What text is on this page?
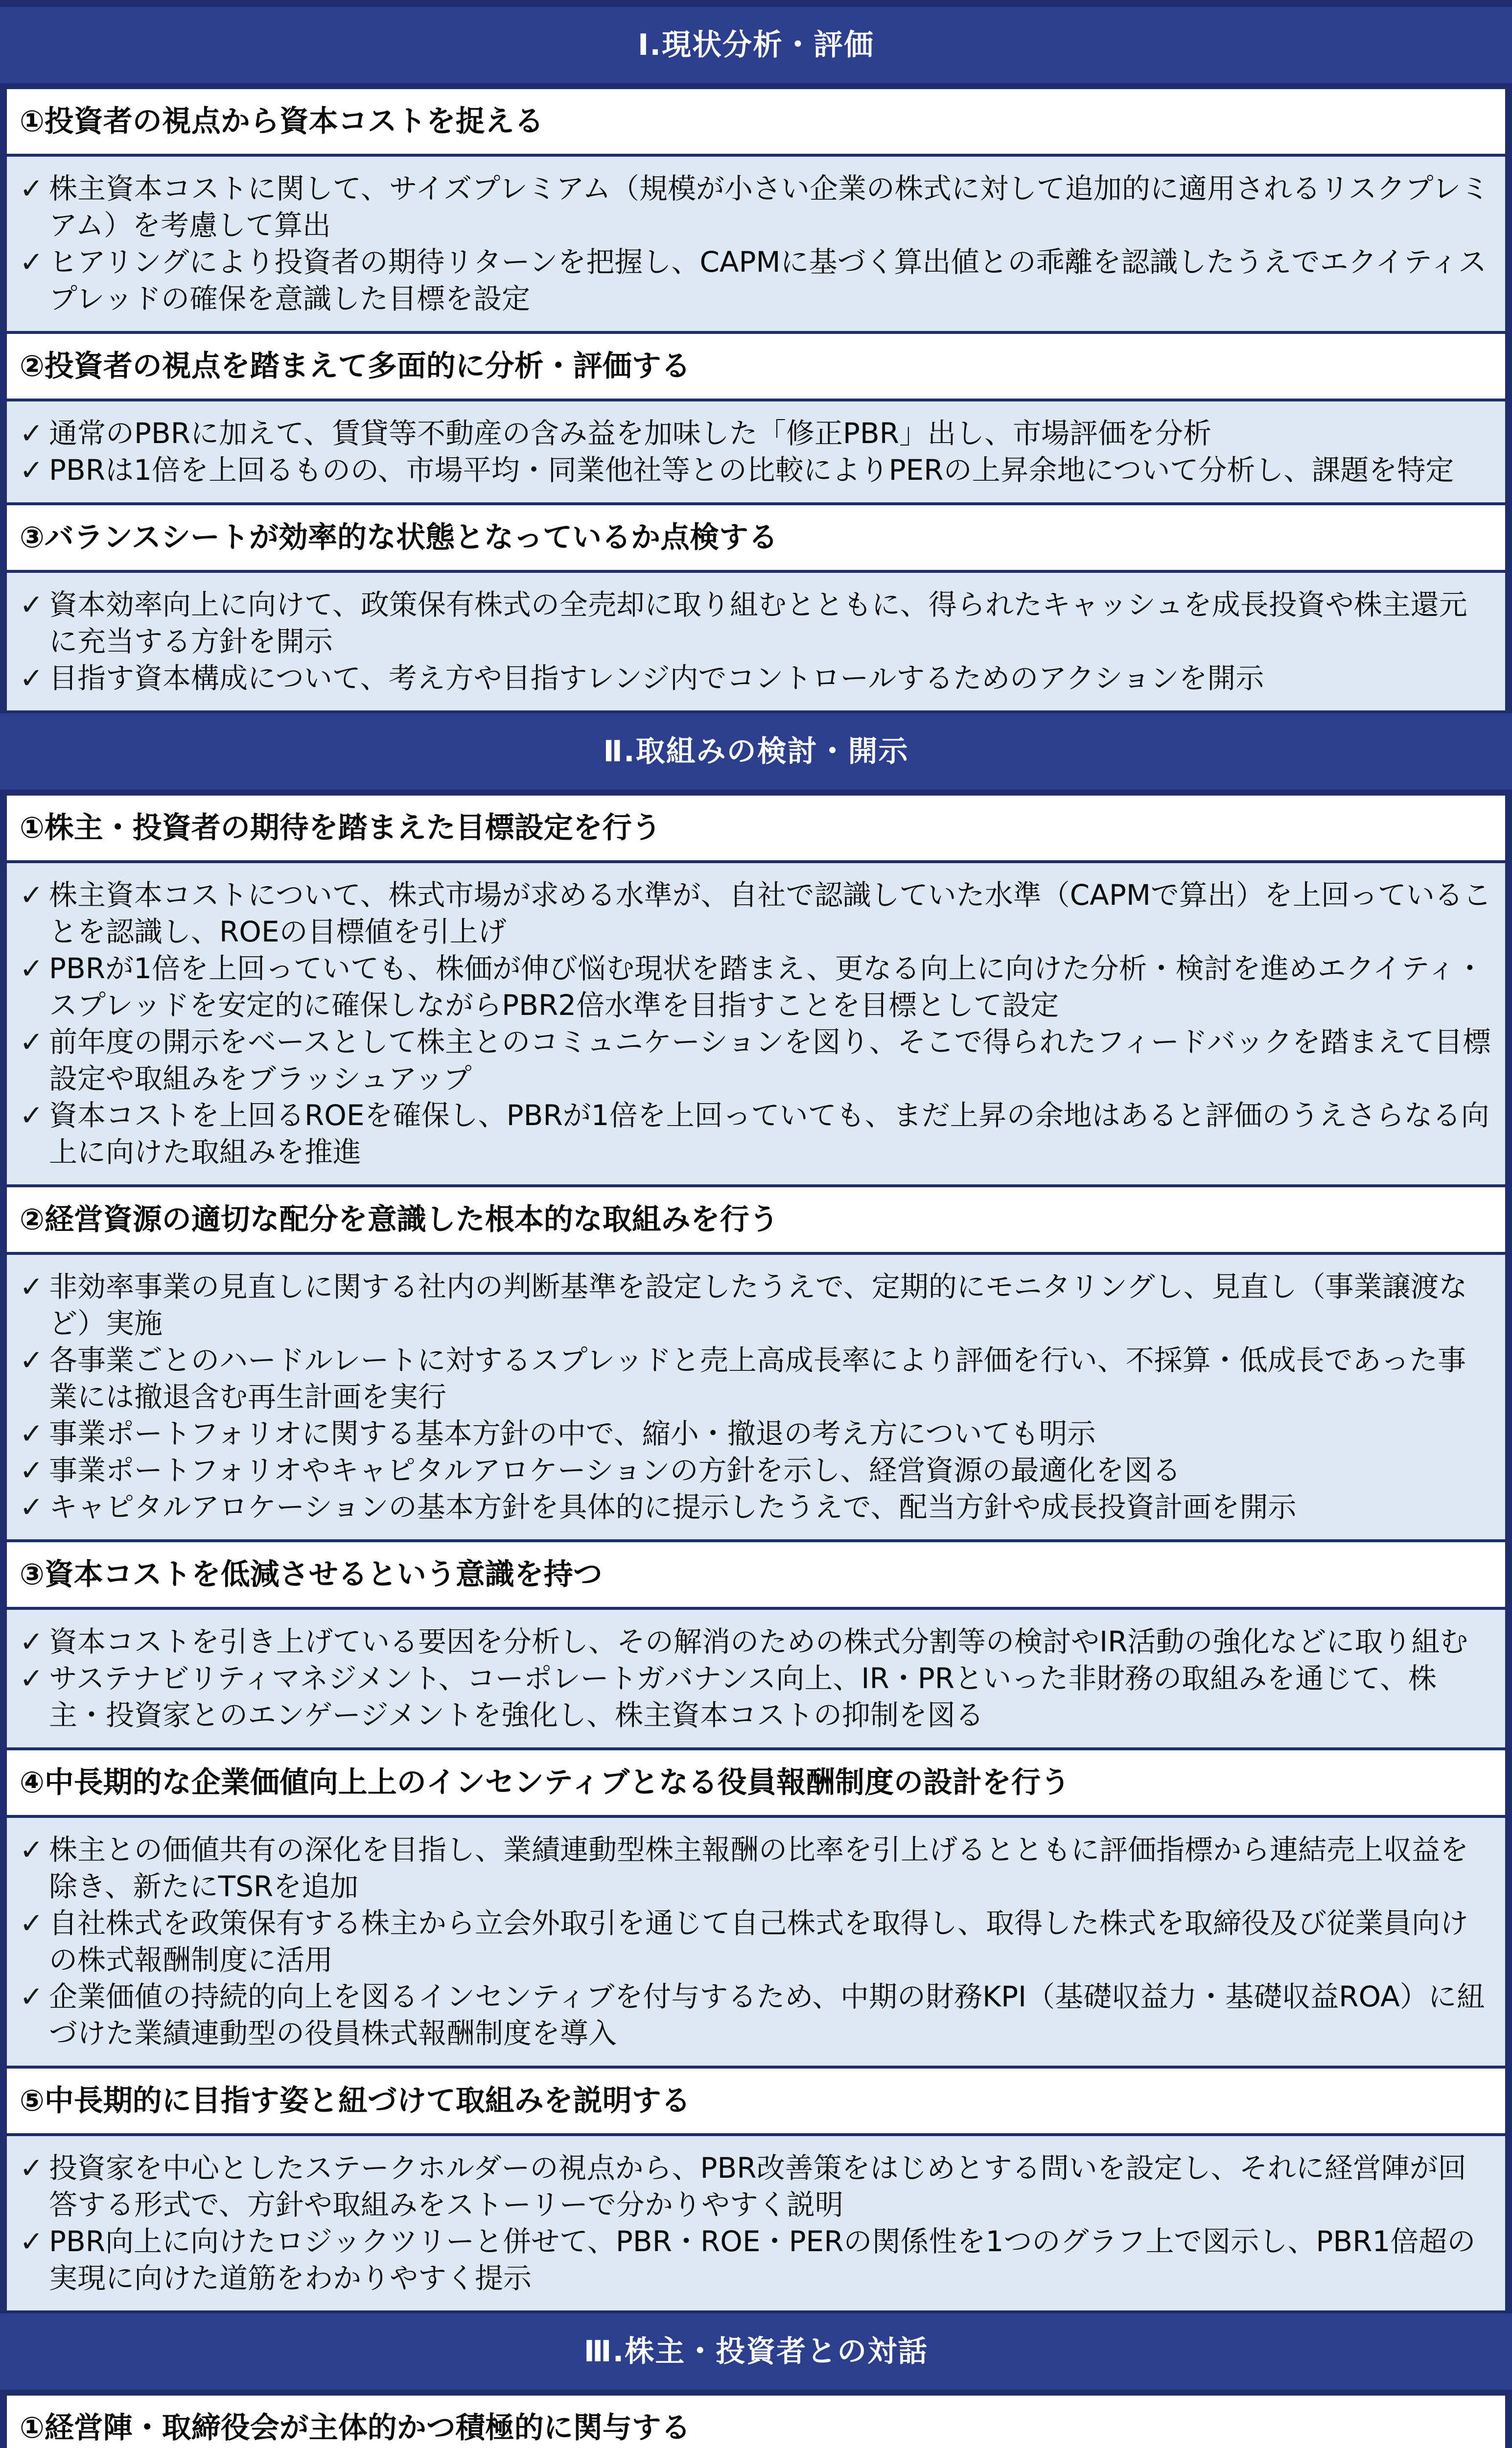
Ⅰ.現状分析・評価
①投資者の視点から資本コストを捉える
✓ 株主資本コストに関して、サイズプレミアム（規模が小さい企業の株式に対して追加的に適用されるリスクプレミアム）を考慮して算出
✓ ヒアリングにより投資者の期待リターンを把握し、CAPMに基づく算出値との乖離を認識したうえでエクイティスプレッドの確保を意識した目標を設定
②投資者の視点を踏まえて多面的に分析・評価する
✓ 通常のPBRに加えて、賃貸等不動産の含み益を加味した「修正PBR」出し、市場評価を分析
✓ PBRは1倍を上回るものの、市場平均・同業他社等との比較によりPERの上昇余地について分析し、課題を特定
③バランスシートが効率的な状態となっているか点検する
✓ 資本効率向上に向けて、政策保有株式の全売却に取り組むとともに、得られたキャッシュを成長投資や株主還元に充当する方針を開示
✓ 目指す資本構成について、考え方や目指すレンジ内でコントロールするためのアクションを開示
Ⅱ.取組みの検討・開示
①株主・投資者の期待を踏まえた目標設定を行う
✓ 株主資本コストについて、株式市場が求める水準が、自社で認識していた水準（CAPMで算出）を上回っていることを認識し、ROEの目標値を引上げ
✓ PBRが1倍を上回っていても、株価が伸び悩む現状を踏まえ、更なる向上に向けた分析・検討を進めエクイティ・スプレッドを安定的に確保しながらPBR2倍水準を目指すことを目標として設定
✓ 前年度の開示をベースとして株主とのコミュニケーションを図り、そこで得られたフィードバックを踏まえて目標設定や取組みをブラッシュアップ
✓ 資本コストを上回るROEを確保し、PBRが1倍を上回っていても、まだ上昇の余地はあると評価のうえさらなる向上に向けた取組みを推進
②経営資源の適切な配分を意識した根本的な取組みを行う
✓ 非効率事業の見直しに関する社内の判断基準を設定したうえで、定期的にモニタリングし、見直し（事業譲渡など）実施
✓ 各事業ごとのハードルレートに対するスプレッドと売上高成長率により評価を行い、不採算・低成長であった事業には撤退含む再生計画を実行
✓ 事業ポートフォリオに関する基本方針の中で、縮小・撤退の考え方についても明示
✓ 事業ポートフォリオやキャピタルアロケーションの方針を示し、経営資源の最適化を図る
✓ キャピタルアロケーションの基本方針を具体的に提示したうえで、配当方針や成長投資計画を開示
③資本コストを低減させるという意識を持つ
✓ 資本コストを引き上げている要因を分析し、その解消のための株式分割等の検討やIR活動の強化などに取り組む
✓ サステナビリティマネジメント、コーポレートガバナンス向上、IR・PRといった非財務の取組みを通じて、株主・投資家とのエンゲージメントを強化し、株主資本コストの抑制を図る
④中長期的な企業価値向上上のインセンティブとなる役員報酬制度の設計を行う
✓ 株主との価値共有の深化を目指し、業績連動型株主報酬の比率を引上げるとともに評価指標から連結売上収益を除き、新たにTSRを追加
✓ 自社株式を政策保有する株主から立会外取引を通じて自己株式を取得し、取得した株式を取締役及び従業員向けの株式報酬制度に活用
✓ 企業価値の持続的向上を図るインセンティブを付与するため、中期の財務KPI（基礎収益力・基礎収益ROA）に紐づけた業績連動型の役員株式報酬制度を導入
⑤中長期的に目指す姿と紐づけて取組みを説明する
✓ 投資家を中心としたステークホルダーの視点から、PBR改善策をはじめとする問いを設定し、それに経営陣が回答する形式で、方針や取組みをストーリーで分かりやすく説明
✓ PBR向上に向けたロジックツリーと併せて、PBR・ROE・PERの関係性を1つのグラフ上で図示し、PBR1倍超の実現に向けた道筋をわかりやすく提示
Ⅲ.株主・投資者との対話
①経営陣・取締役会が主体的かつ積極的に関与する
